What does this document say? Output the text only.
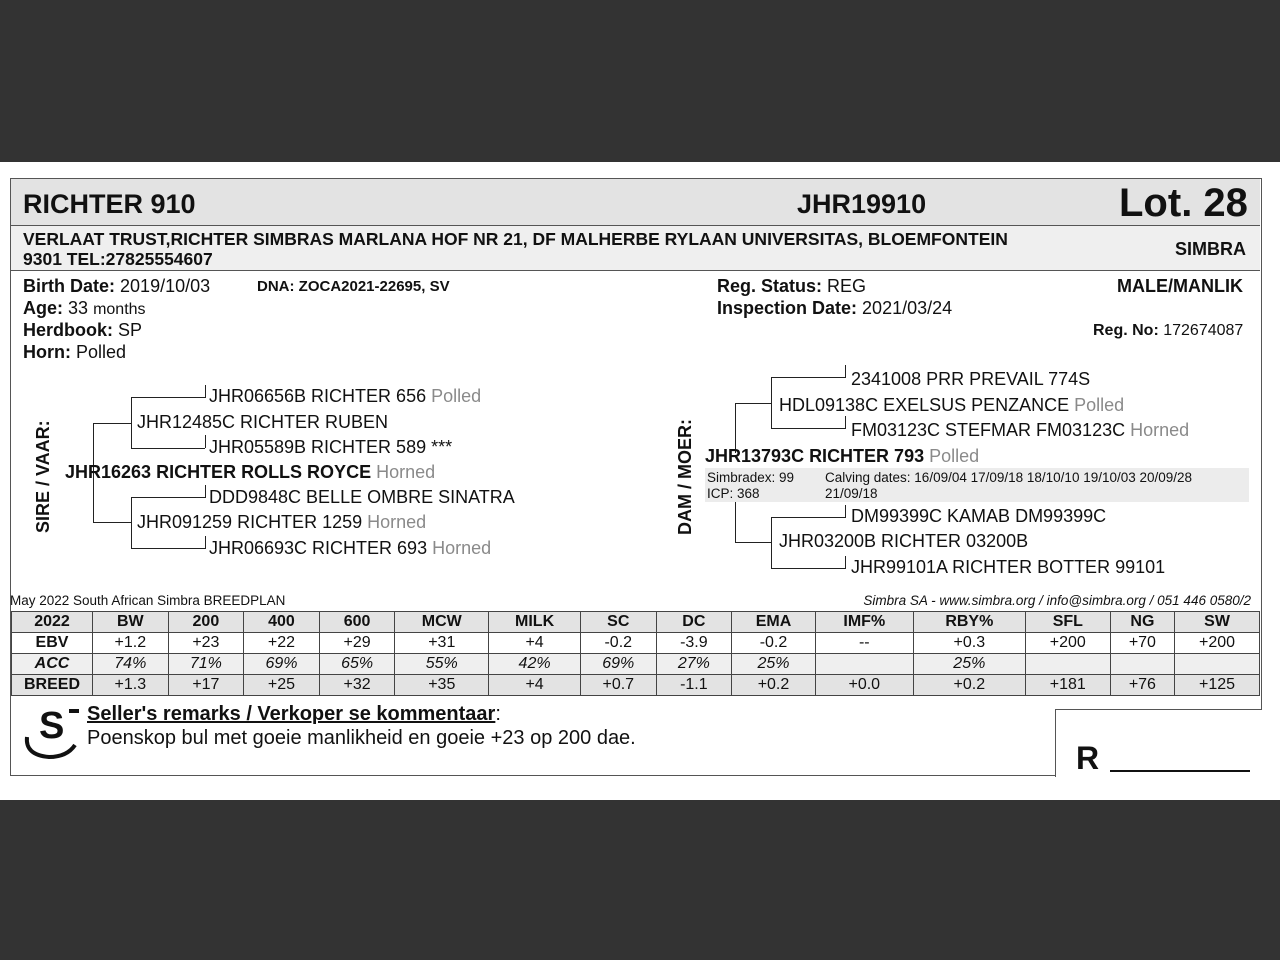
RICHTER 910	JHR19910	Lot. 28
VERLAAT TRUST,RICHTER SIMBRAS MARLANA HOF NR 21, DF MALHERBE RYLAAN UNIVERSITAS, BLOEMFONTEIN
9301 TEL:27825554607	SIMBRA
Birth Date: 2019/10/03	DNA: ZOCA2021-22695, SV
Age: 33 months
Herdbook: SP
Horn: Polled
Reg. Status: REG
Inspection Date: 2021/03/24
MALE/MANLIK
Reg. No: 172674087
SIRE / VAAR:
JHR06656B RICHTER 656 Polled
JHR12485C RICHTER RUBEN
JHR05589B RICHTER 589 ***
JHR16263 RICHTER ROLLS ROYCE Horned
DDD9848C BELLE OMBRE SINATRA
JHR091259 RICHTER 1259 Horned
JHR06693C RICHTER 693 Horned
DAM / MOER:
2341008 PRR PREVAIL 774S
HDL09138C EXELSUS PENZANCE Polled
FM03123C STEFMAR FM03123C Horned
JHR13793C RICHTER 793 Polled
Simbradex: 99
ICP: 368
Calving dates: 16/09/04 17/09/18 18/10/10 19/10/03 20/09/28
21/09/18
DM99399C KAMAB DM99399C
JHR03200B RICHTER 03200B
JHR99101A RICHTER BOTTER 99101
May 2022 South African Simbra BREEDPLAN	Simbra SA - www.simbra.org / info@simbra.org / 051 446 0580/2
2022	BW	200	400	600	MCW	MILK	SC	DC	EMA	IMF%	RBY%	SFL	NG	SW
EBV	+1.2	+23	+22	+29	+31	+4	-0.2	-3.9	-0.2	--	+0.3	+200	+70	+200
ACC	74%	71%	69%	65%	55%	42%	69%	27%	25%		25%			
BREED	+1.3	+17	+25	+32	+35	+4	+0.7	-1.1	+0.2	+0.0	+0.2	+181	+76	+125
S Seller's remarks / Verkoper se kommentaar:
Poenskop bul met goeie manlikheid en goeie +23 op 200 dae.
R
